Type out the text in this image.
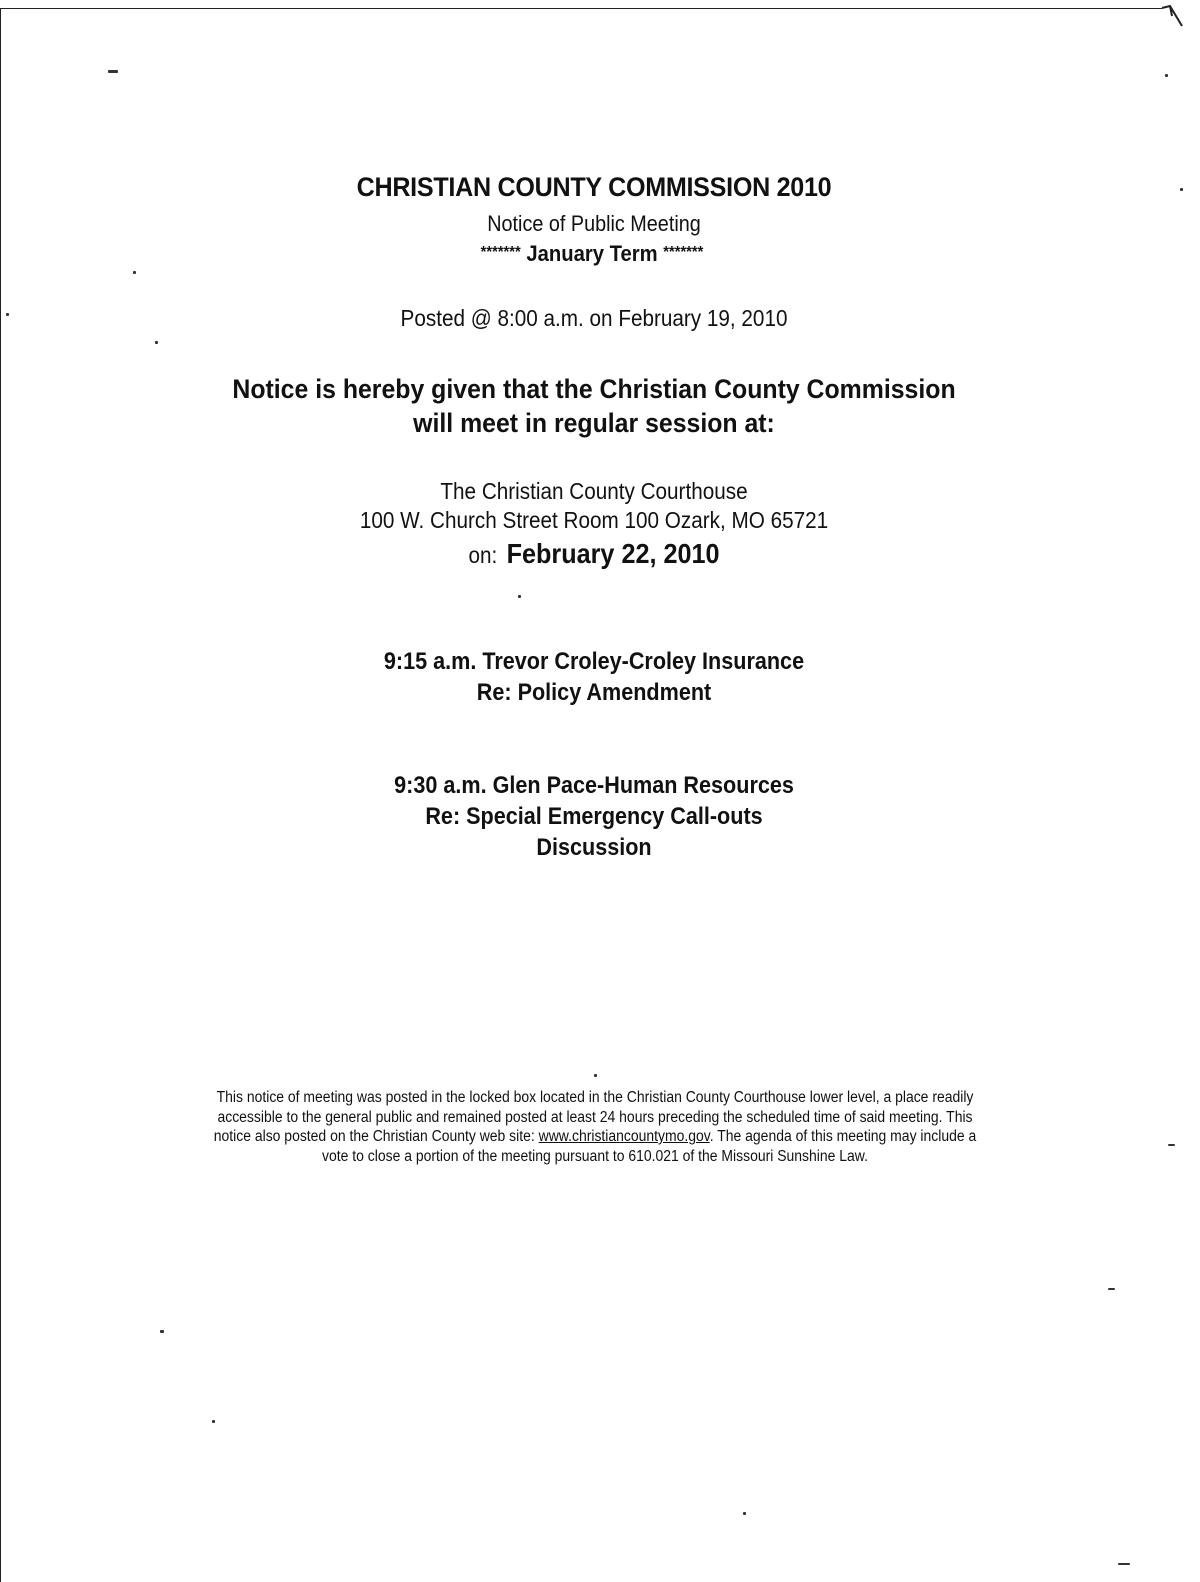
CHRISTIAN COUNTY COMMISSION 2010
Notice of Public Meeting
******* January Term *******
Posted @ 8:00 a.m. on February 19, 2010
Notice is hereby given that the Christian County Commission
will meet in regular session at:
The Christian County Courthouse
100 W. Church Street Room 100 Ozark, MO 65721
on: February 22, 2010
9:15 a.m. Trevor Croley-Croley Insurance
Re: Policy Amendment
9:30 a.m. Glen Pace-Human Resources
Re: Special Emergency Call-outs
Discussion
This notice of meeting was posted in the locked box located in the Christian County Courthouse lower level, a place readily accessible to the general public and remained posted at least 24 hours preceding the scheduled time of said meeting. This notice also posted on the Christian County web site: www.christiancountymo.gov. The agenda of this meeting may include a vote to close a portion of the meeting pursuant to 610.021 of the Missouri Sunshine Law.
